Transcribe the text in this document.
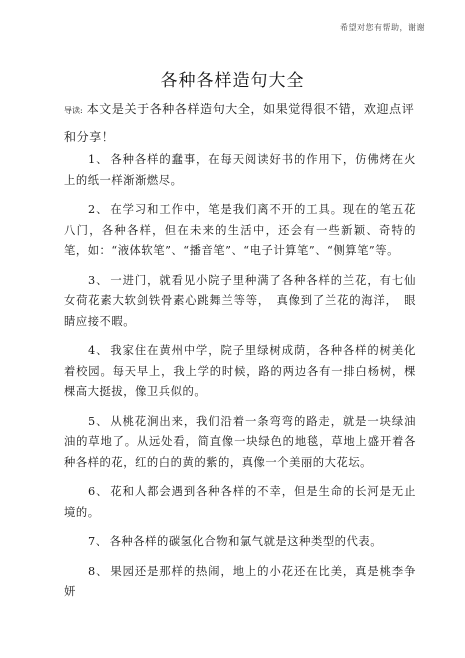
希望对您有帮助，谢谢
各种各样造句大全
导读: 本文是关于各种各样造句大全，如果觉得很不错，欢迎点评和分享！

1、 各种各样的蠢事，在每天阅读好书的作用下，仿佛烤在火上的纸一样渐渐燃尽。

2、 在学习和工作中，笔是我们离不开的工具。现在的笔五花八门，各种各样，但在未来的生活中，还会有一些新颖、奇特的笔，如：“液体软笔”、“播音笔”、“电子计算笔”、“侧算笔”等。

3、 一进门，就看见小院子里种满了各种各样的兰花，有七仙女荷花素大软剑铁骨素心跳舞兰等等，　真像到了兰花的海洋，　眼睛应接不暇。

4、 我家住在黄州中学，院子里绿树成荫，各种各样的树美化着校园。每天早上，我上学的时候，路的两边各有一排白杨树，棵棵高大挺拔，像卫兵似的。

5、 从桃花涧出来，我们沿着一条弯弯的路走，就是一块绿油油的草地了。从远处看，简直像一块绿色的地毯，草地上盛开着各种各样的花，红的白的黄的紫的，真像一个美丽的大花坛。

6、 花和人都会遇到各种各样的不幸，但是生命的长河是无止境的。

7、 各种各样的碳氢化合物和氯气就是这种类型的代表。

8、 果园还是那样的热闹，地上的小花还在比美，真是桃李争妍
